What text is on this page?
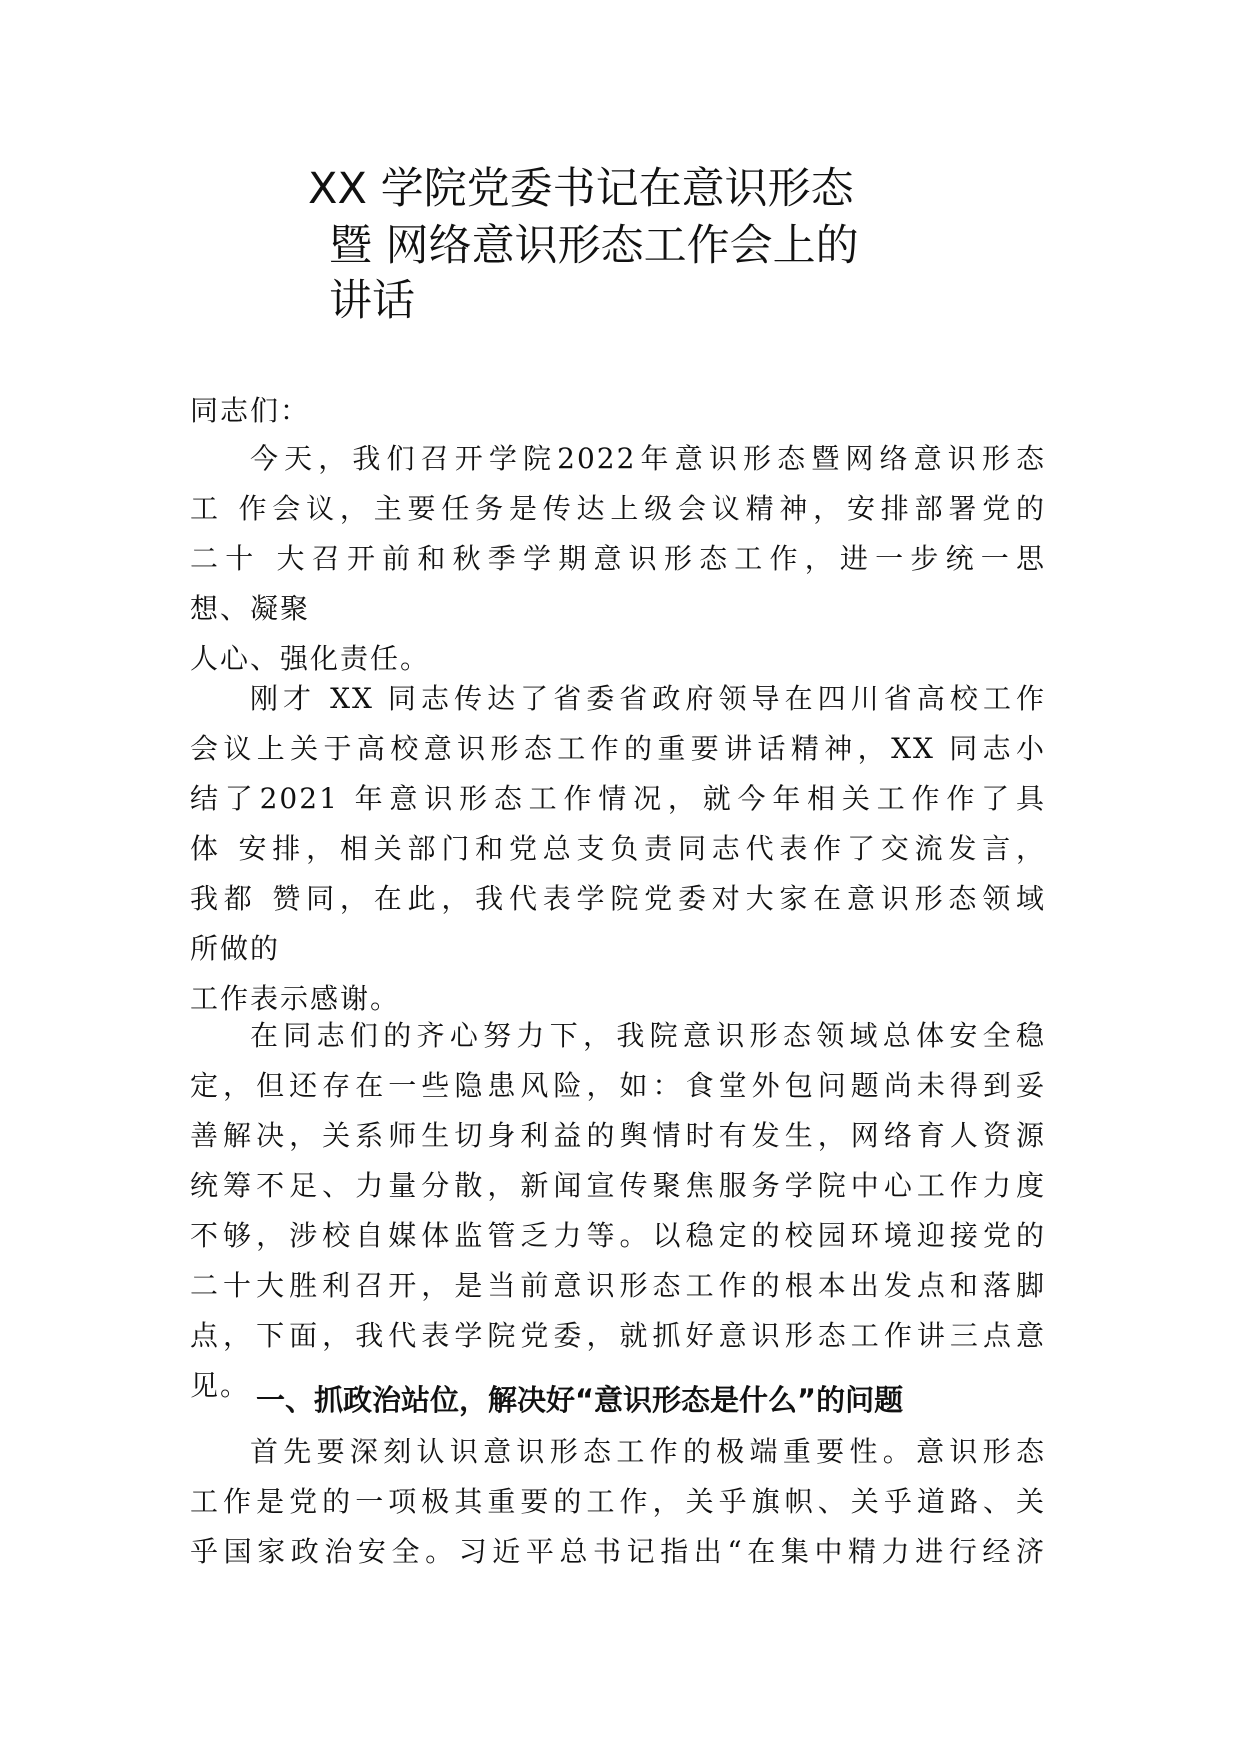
XX 学院党委书记在意识形态
暨 网络意识形态工作会上的
讲话

同志们：

今天，我们召开学院2022年意识形态暨网络意识形态
工 作会议，主要任务是传达上级会议精神，安排部署党的
二十 大召开前和秋季学期意识形态工作，进一步统一思
想、凝聚
人心、强化责任。

刚才 XX 同志传达了省委省政府领导在四川省高校工作
会议上关于高校意识形态工作的重要讲话精神，XX 同志小
结了2021 年意识形态工作情况，就今年相关工作作了具
体 安排，相关部门和党总支负责同志代表作了交流发言，
我都 赞同，在此，我代表学院党委对大家在意识形态领域
所做的
工作表示感谢。

在同志们的齐心努力下，我院意识形态领域总体安全稳
定，但还存在一些隐患风险，如：食堂外包问题尚未得到妥
善解决，关系师生切身利益的舆情时有发生，网络育人资源
统筹不足、力量分散，新闻宣传聚焦服务学院中心工作力度
不够，涉校自媒体监管乏力等。以稳定的校园环境迎接党的
二十大胜利召开，是当前意识形态工作的根本出发点和落脚
点，下面，我代表学院党委，就抓好意识形态工作讲三点意
见。 一、抓政治站位，解决好“意识形态是什么”的问题

首先要深刻认识意识形态工作的极端重要性。意识形态
工作是党的一项极其重要的工作，关乎旗帜、关乎道路、关
乎国家政治安全。习近平总书记指出“在集中精力进行经济
